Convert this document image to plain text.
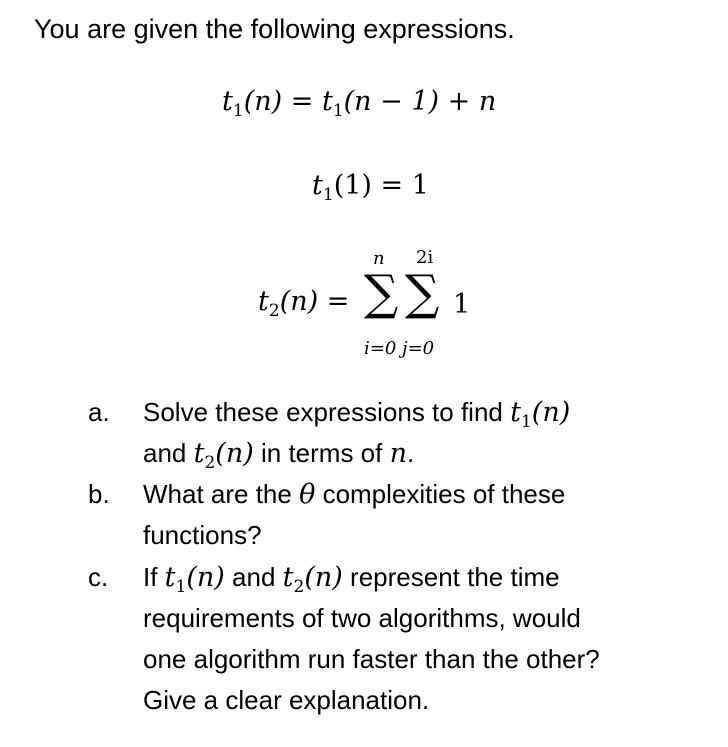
You are given the following expressions.
$t_1(n) = t_1(n - 1) + n$
$t_1(1) = 1$
$t_2(n)$ =
n 2i
∑ ∑
i=0 j=0
1
a. Solve these expressions to find $t_1(n)$
and $t_2(n)$ in terms of n.
b. What are the θ complexities of these
functions?
c. If $t_1(n)$ and $t_2(n)$ represent the time
requirements of two algorithms, would
one algorithm run faster than the other?
Give a clear explanation.
